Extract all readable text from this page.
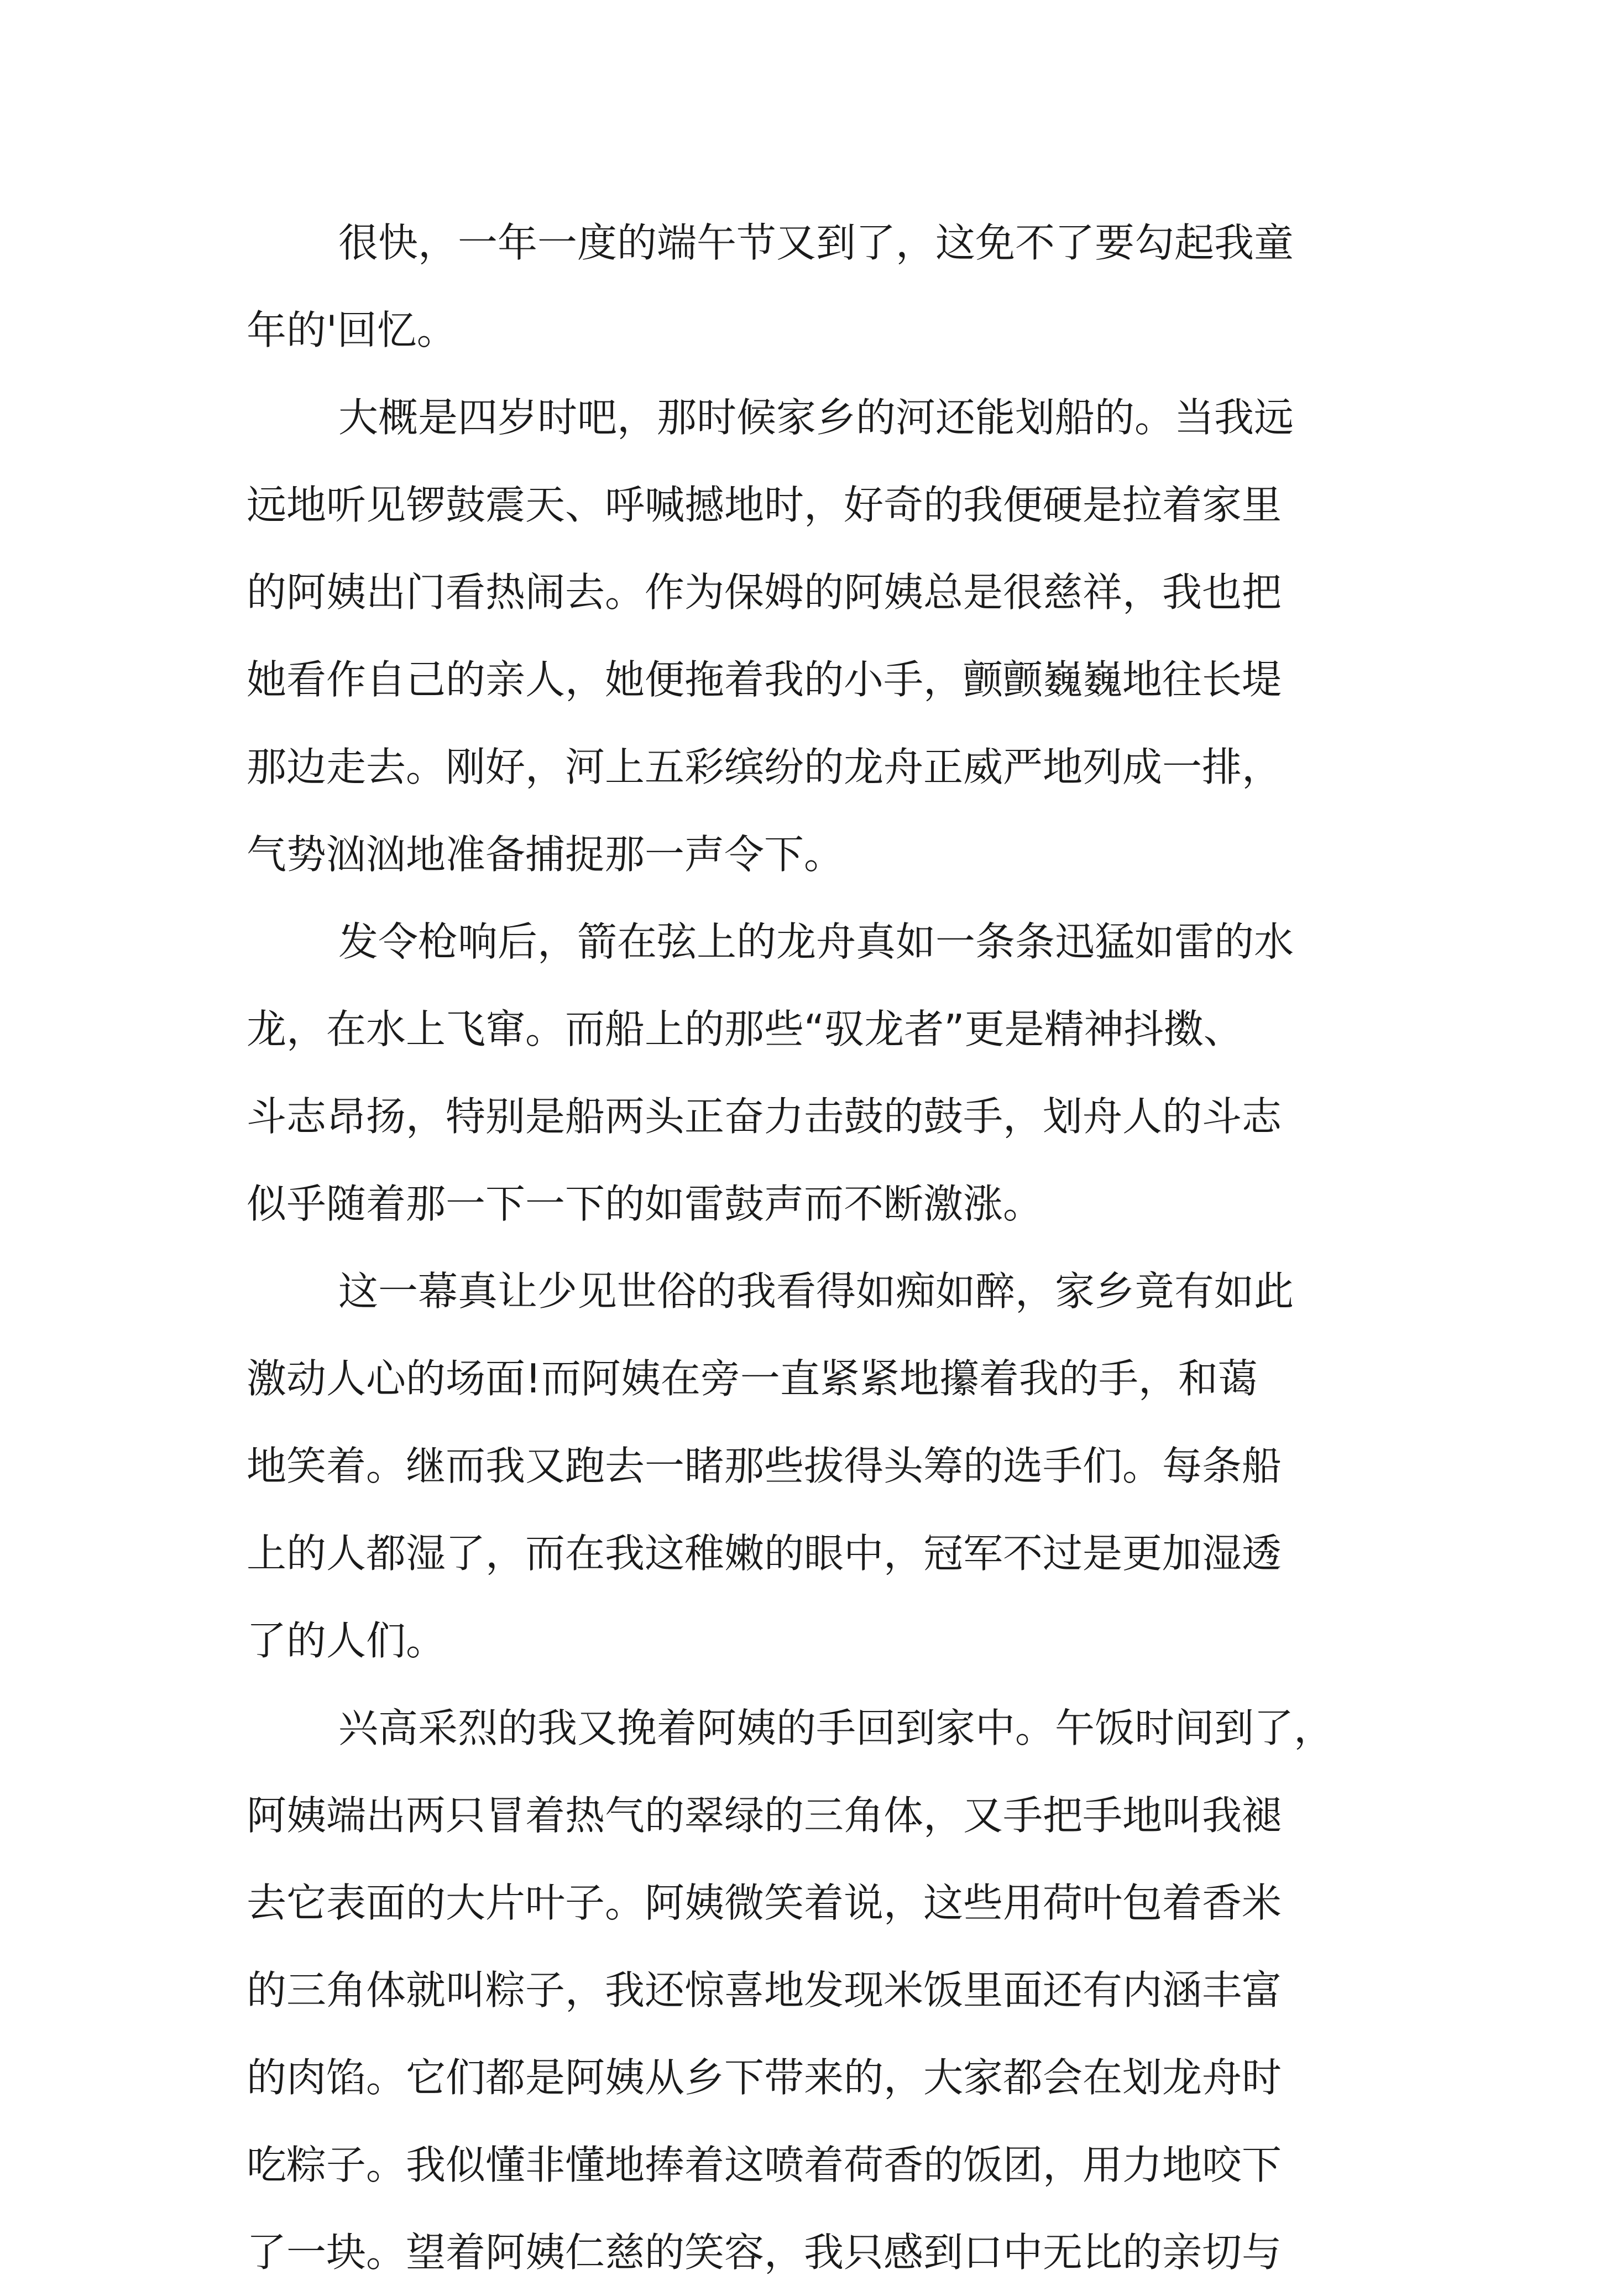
很快，一年一度的端午节又到了，这免不了要勾起我童
年的'回忆。
大概是四岁时吧，那时候家乡的河还能划船的。当我远
远地听见锣鼓震天、呼喊撼地时，好奇的我便硬是拉着家里
的阿姨出门看热闹去。作为保姆的阿姨总是很慈祥，我也把
她看作自己的亲人，她便拖着我的小手，颤颤巍巍地往长堤
那边走去。刚好，河上五彩缤纷的龙舟正威严地列成一排，
气势汹汹地准备捕捉那一声令下。
发令枪响后，箭在弦上的龙舟真如一条条迅猛如雷的水
龙，在水上飞窜。而船上的那些“驭龙者”更是精神抖擞、
斗志昂扬，特别是船两头正奋力击鼓的鼓手，划舟人的斗志
似乎随着那一下一下的如雷鼓声而不断激涨。
这一幕真让少见世俗的我看得如痴如醉，家乡竟有如此
激动人心的场面!而阿姨在旁一直紧紧地攥着我的手，和蔼
地笑着。继而我又跑去一睹那些拔得头筹的选手们。每条船
上的人都湿了，而在我这稚嫩的眼中，冠军不过是更加湿透
了的人们。
兴高采烈的我又挽着阿姨的手回到家中。午饭时间到了，
阿姨端出两只冒着热气的翠绿的三角体，又手把手地叫我褪
去它表面的大片叶子。阿姨微笑着说，这些用荷叶包着香米
的三角体就叫粽子，我还惊喜地发现米饭里面还有内涵丰富
的肉馅。它们都是阿姨从乡下带来的，大家都会在划龙舟时
吃粽子。我似懂非懂地捧着这喷着荷香的饭团，用力地咬下
了一块。望着阿姨仁慈的笑容，我只感到口中无比的亲切与
